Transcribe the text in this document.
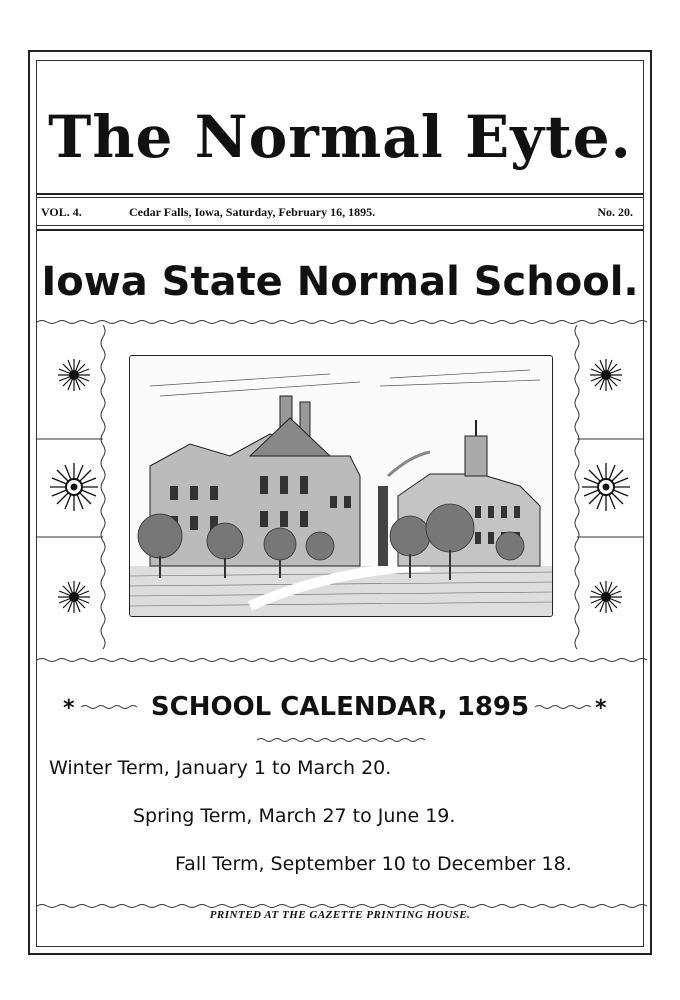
The Normal Eyte.
VOL. 4.	Cedar Falls, Iowa, Saturday, February 16, 1895.	No. 20.
Iowa State Normal School.
*	SCHOOL CALENDAR, 1895	*
Winter Term, January 1 to March 20.
Spring Term, March 27 to June 19.
Fall Term, September 10 to December 18.
PRINTED AT THE GAZETTE PRINTING HOUSE.
